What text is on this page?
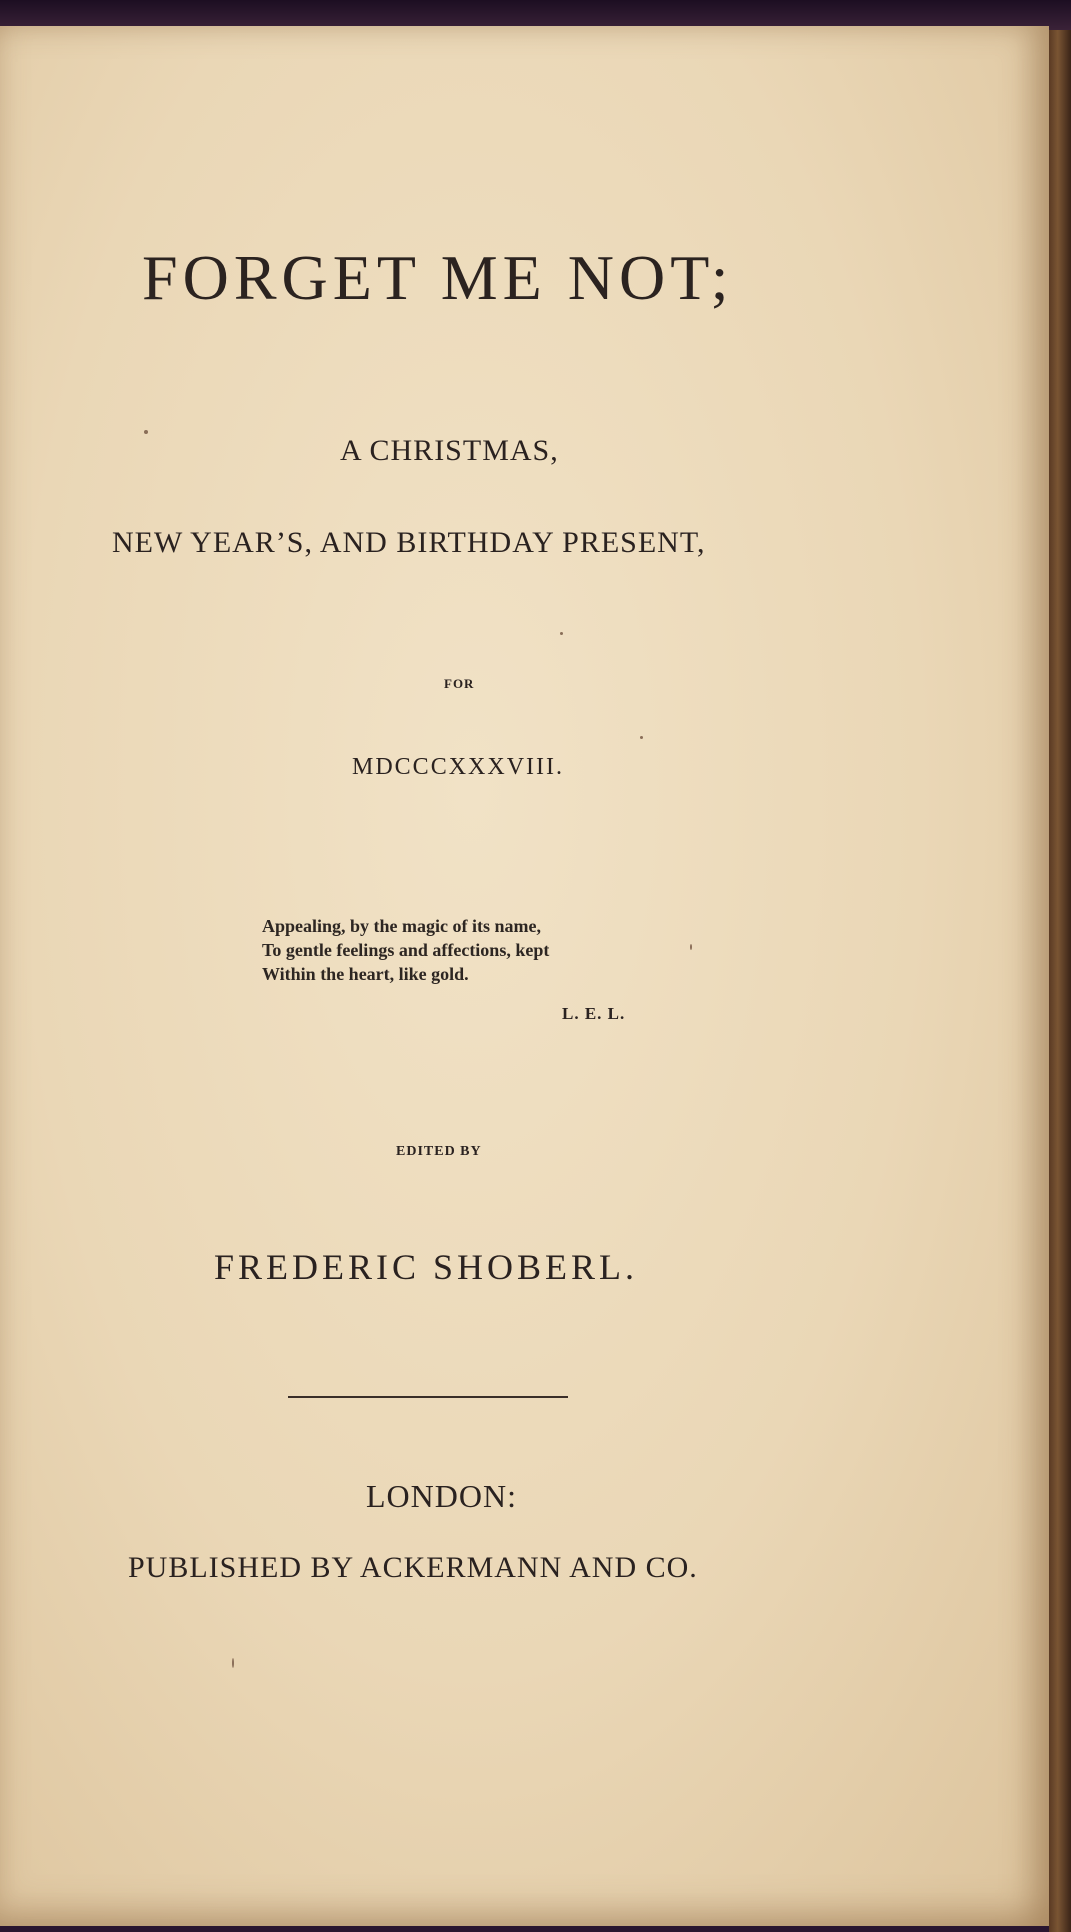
FORGET ME NOT;
A CHRISTMAS,
NEW YEAR’S, AND BIRTHDAY PRESENT,
FOR
MDCCCXXXVIII.
Appealing, by the magic of its name,
To gentle feelings and affections, kept
Within the heart, like gold.
L. E. L.
EDITED BY
FREDERIC SHOBERL.
LONDON:
PUBLISHED BY ACKERMANN AND CO.
